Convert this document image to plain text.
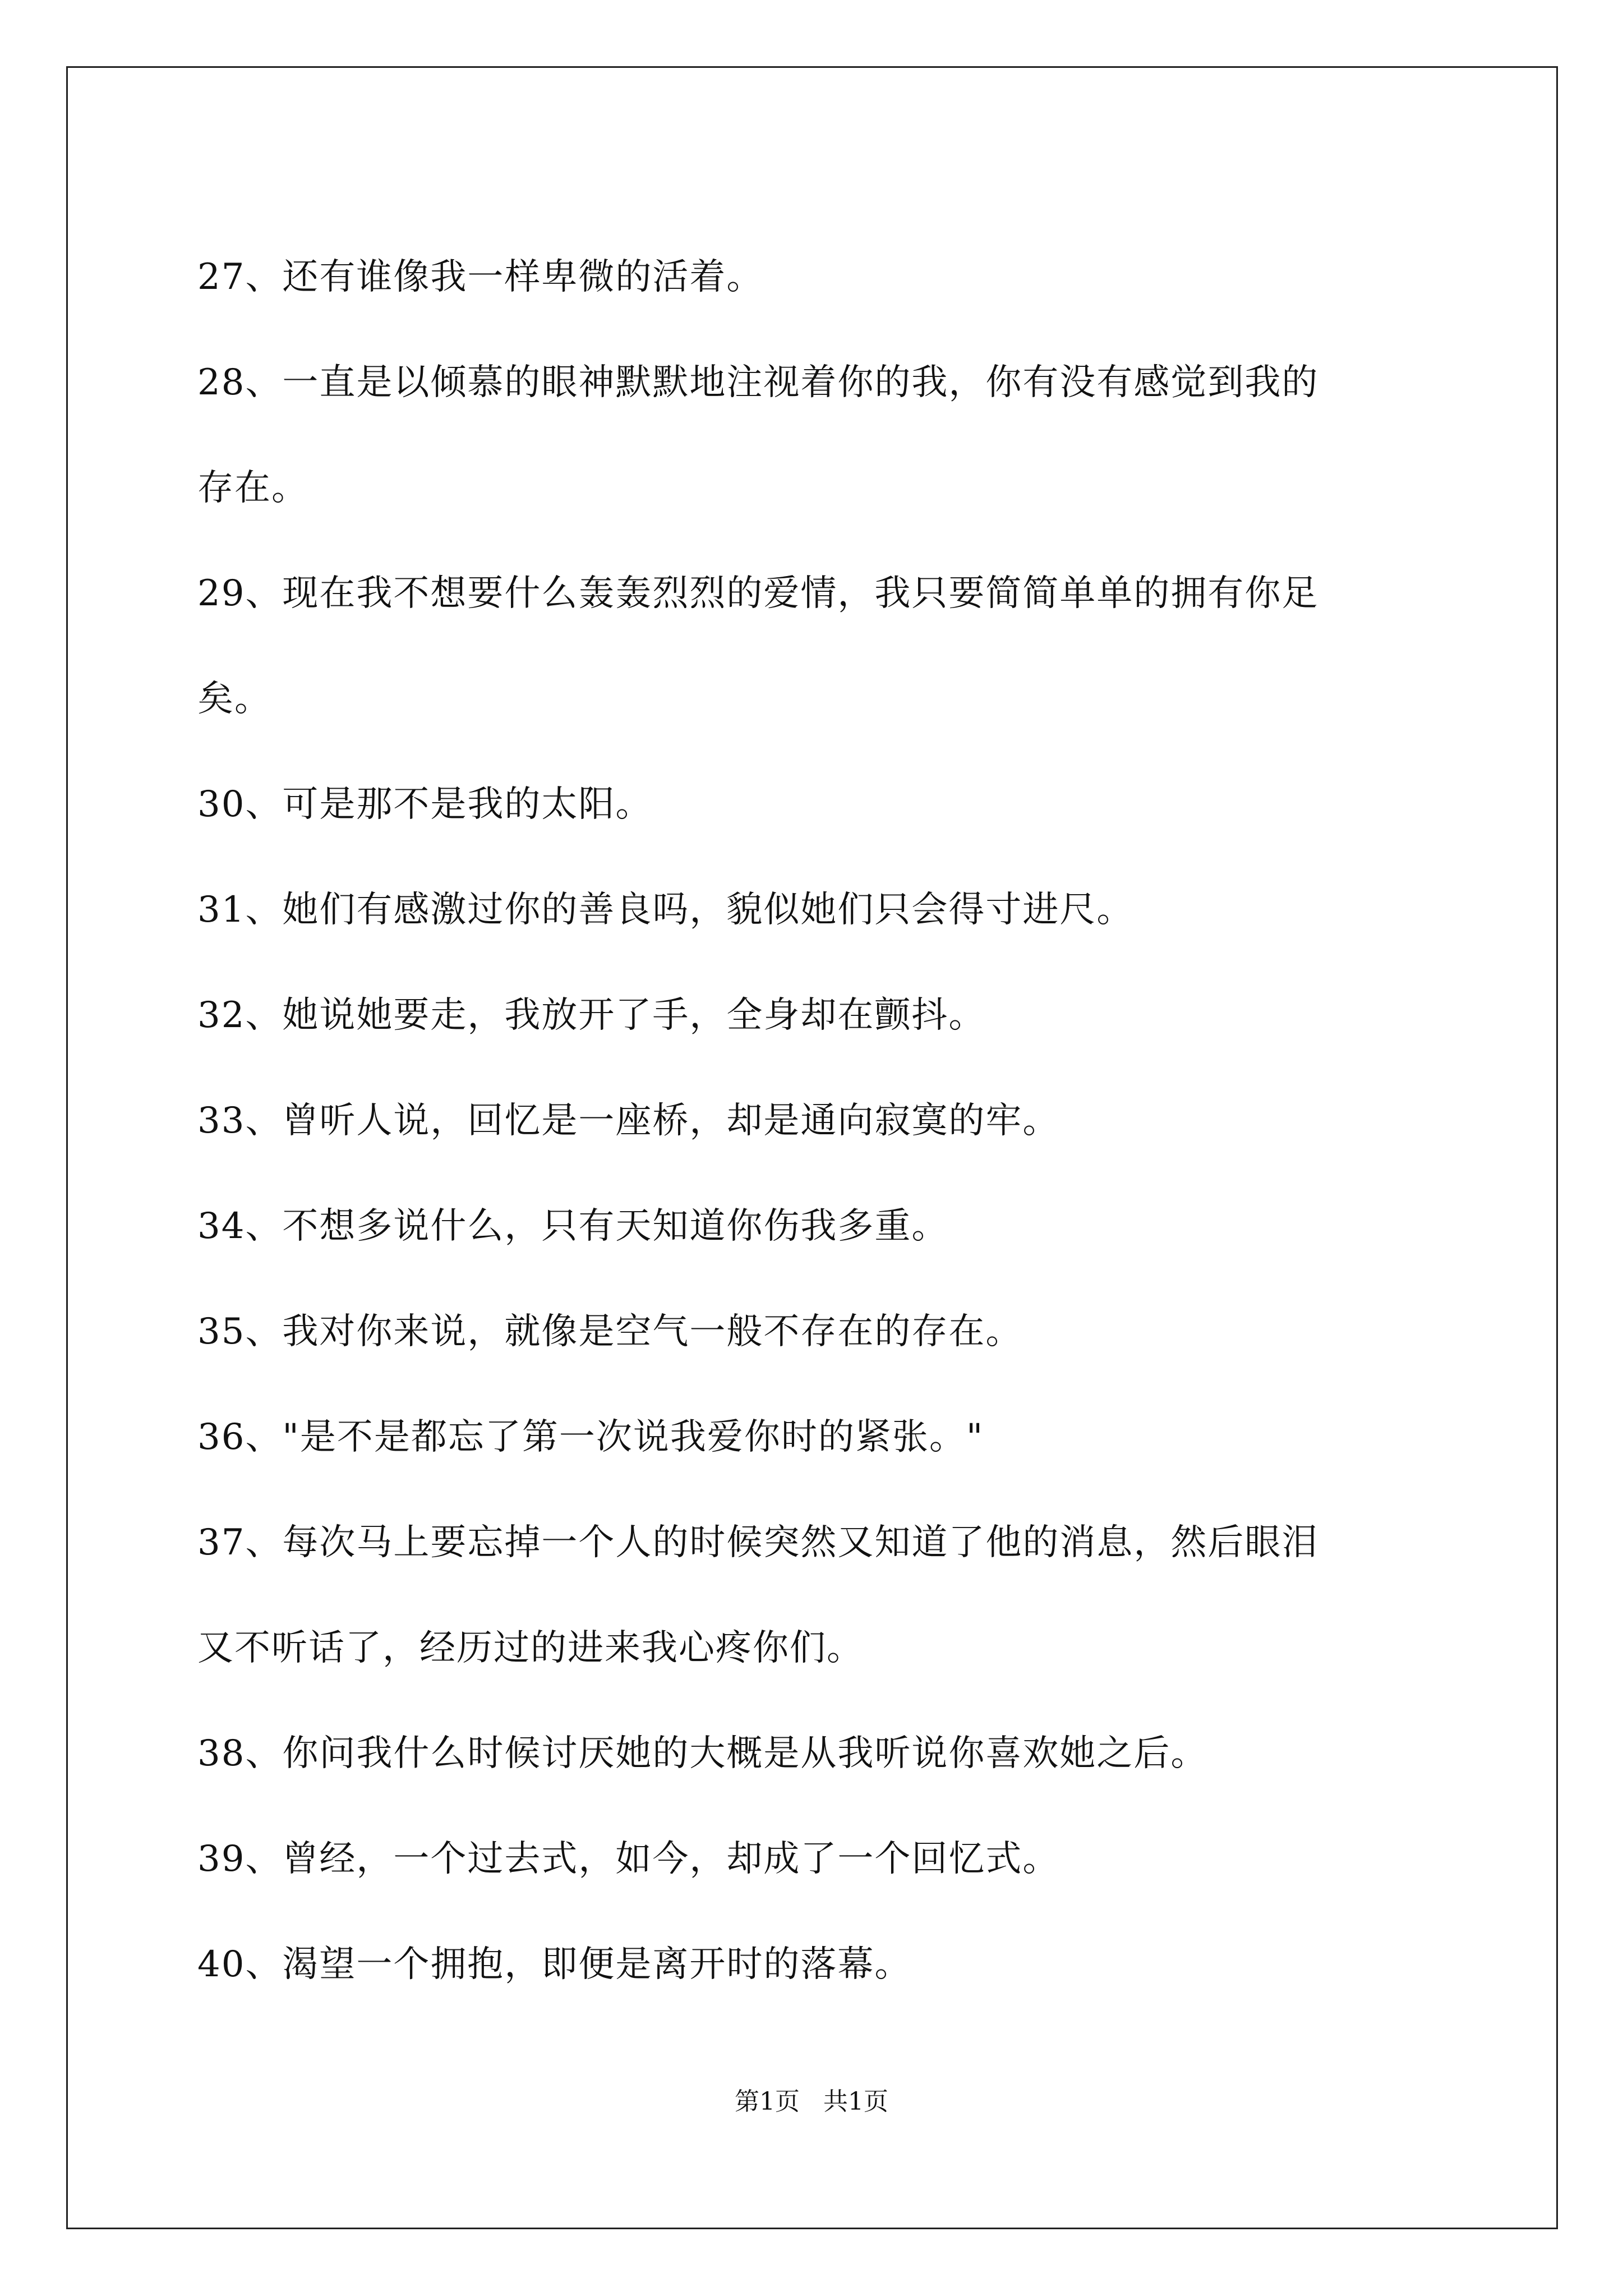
27、还有谁像我一样卑微的活着。
28、一直是以倾慕的眼神默默地注视着你的我，你有没有感觉到我的
存在。
29、现在我不想要什么轰轰烈烈的爱情，我只要简简单单的拥有你足
矣。
30、可是那不是我的太阳。
31、她们有感激过你的善良吗，貌似她们只会得寸进尺。
32、她说她要走，我放开了手，全身却在颤抖。
33、曾听人说，回忆是一座桥，却是通向寂寞的牢。
34、不想多说什么，只有天知道你伤我多重。
35、我对你来说，就像是空气一般不存在的存在。
36、"是不是都忘了第一次说我爱你时的紧张。"
37、每次马上要忘掉一个人的时候突然又知道了他的消息，然后眼泪
又不听话了，经历过的进来我心疼你们。
38、你问我什么时候讨厌她的大概是从我听说你喜欢她之后。
39、曾经，一个过去式，如今，却成了一个回忆式。
40、渴望一个拥抱，即便是离开时的落幕。
第1页 共1页
